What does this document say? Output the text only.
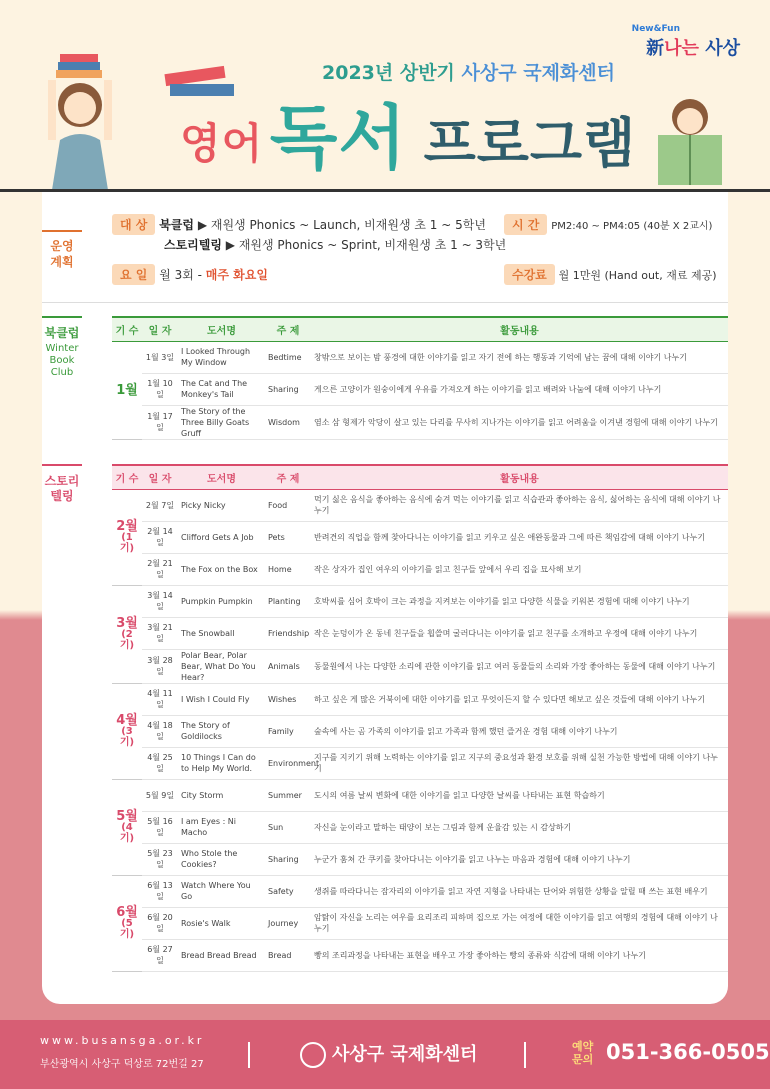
New&Fun
新나는 사상
2023년 상반기 사상구 국제화센터
영어 독서 프로그램
운영
계획
대 상 북클럽 ▶ 재원생 Phonics ~ Launch, 비재원생 초 1 ~ 5학년
스토리텔링 ▶ 재원생 Phonics ~ Sprint, 비재원생 초 1 ~ 3학년
요 일 월 3회 - 매주 화요일
시 간 PM2:40 ~ PM4:05 (40분 X 2교시)
수강료 월 1만원 (Hand out, 재료 제공)
북클럽
Winter Book Club
기 수	일 자	도서명	주 제	활동내용

1월	1월 3일	I Looked Through My Window	Bedtime	창밖으로 보이는 밤 풍경에 대한 이야기를 읽고 자기 전에 하는 행동과 기억에 남는 꿈에 대해 이야기 나누기
	1월 10일	The Cat and The Monkey's Tail	Sharing	게으른 고양이가 원숭이에게 우유를 가져오게 하는 이야기를 읽고 배려와 나눔에 대해 이야기 나누기
	1월 17일	The Story of the Three Billy Goats Gruff	Wisdom	염소 삼 형제가 악당이 살고 있는 다리를 무사히 지나가는 이야기를 읽고 어려움을 이겨낸 경험에 대해 이야기 나누기
스토리
텔링
기 수	일 자	도서명	주 제	활동내용

2월
(1기)	2월 7일	Picky Nicky	Food	먹기 싫은 음식을 좋아하는 음식에 숨겨 먹는 이야기를 읽고 식습관과 좋아하는 음식, 싫어하는 음식에 대해 이야기 나누기
	2월 14일	Clifford Gets A Job	Pets	반려견의 직업을 함께 찾아다니는 이야기를 읽고 키우고 싶은 애완동물과 그에 따른 책임감에 대해 이야기 나누기
	2월 21일	The Fox on the Box	Home	작은 상자가 집인 여우의 이야기를 읽고 친구들 앞에서 우리 집을 묘사해 보기

3월
(2기)	3월 14일	Pumpkin Pumpkin	Planting	호박씨를 심어 호박이 크는 과정을 지켜보는 이야기를 읽고 다양한 식물을 키워본 경험에 대해 이야기 나누기
	3월 21일	The Snowball	Friendship	작은 눈덩이가 온 동네 친구들을 휩쓸며 굴러다니는 이야기를 읽고 친구를 소개하고 우정에 대해 이야기 나누기
	3월 28일	Polar Bear, Polar Bear, What Do You Hear?	Animals	동물원에서 나는 다양한 소리에 관한 이야기를 읽고 여러 동물들의 소리와 가장 좋아하는 동물에 대해 이야기 나누기

4월
(3기)	4월 11일	I Wish I Could Fly	Wishes	하고 싶은 게 많은 거북이에 대한 이야기를 읽고 무엇이든지 할 수 있다면 해보고 싶은 것들에 대해 이야기 나누기
	4월 18일	The Story of Goldilocks	Family	숲속에 사는 곰 가족의 이야기를 읽고 가족과 함께 했던 즐거운 경험 대해 이야기 나누기
	4월 25일	10 Things I Can do to Help My World.	Environment	지구를 지키기 위해 노력하는 이야기를 읽고 지구의 중요성과 환경 보호를 위해 실천 가능한 방법에 대해 이야기 나누기

5월
(4기)	5월 9일	City Storm	Summer	도시의 여름 날씨 변화에 대한 이야기를 읽고 다양한 날씨를 나타내는 표현 학습하기
	5월 16일	I am Eyes : Ni Macho	Sun	자신을 눈이라고 말하는 태양이 보는 그림과 함께 운율감 있는 시 감상하기
	5월 23일	Who Stole the Cookies?	Sharing	누군가 훔쳐 간 쿠키를 찾아다니는 이야기를 읽고 나누는 마음과 경험에 대해 이야기 나누기

6월
(5기)	6월 13일	Watch Where You Go	Safety	생쥐를 따라다니는 잠자리의 이야기를 읽고 자연 지형을 나타내는 단어와 위험한 상황을 알릴 때 쓰는 표현 배우기
	6월 20일	Rosie's Walk	Journey	암탉이 자신을 노리는 여우를 요리조리 피하며 집으로 가는 여정에 대한 이야기를 읽고 여행의 경험에 대해 이야기 나누기
	6월 27일	Bread Bread Bread	Bread	빵의 조리과정을 나타내는 표현을 배우고 가장 좋아하는 빵의 종류와 식감에 대해 이야기 나누기
www.busansga.or.kr
부산광역시 사상구 덕상로 72번길 27	사상구 국제화센터	예약
문의 051-366-0505
